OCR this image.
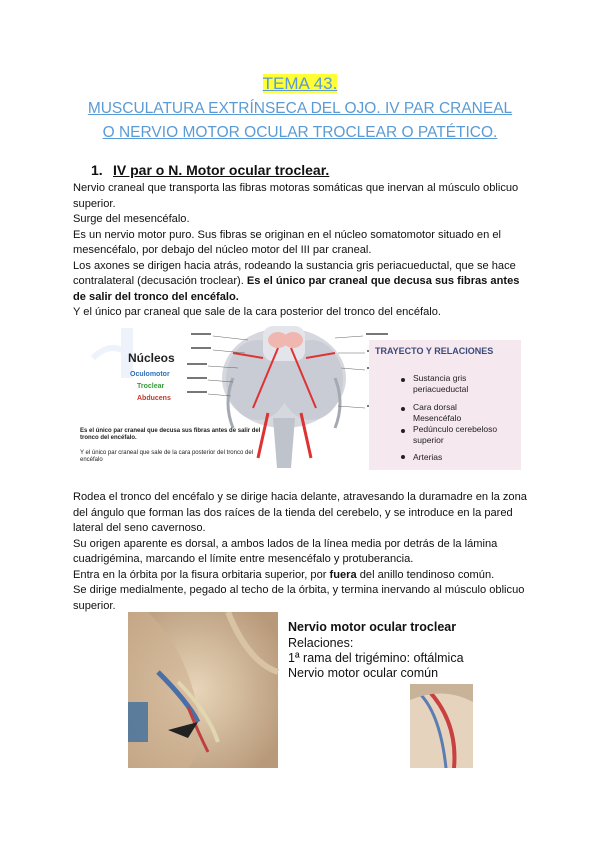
TEMA 43.
MUSCULATURA EXTRÍNSECA DEL OJO. IV PAR CRANEAL
O NERVIO MOTOR OCULAR TROCLEAR O PATÉTICO.
1. IV par o N. Motor ocular troclear.

Nervio craneal que transporta las fibras motoras somáticas que inervan al músculo oblicuo superior.

Surge del mesencéfalo.

Es un nervio motor puro. Sus fibras se originan en el núcleo somatomotor situado en el mesencéfalo, por debajo del núcleo motor del III par craneal.

Los axones se dirigen hacia atrás, rodeando la sustancia gris periacueductal, que se hace contralateral (decusación troclear). Es el único par craneal que decusa sus fibras antes de salir del tronco del encéfalo.

Y el único par craneal que sale de la cara posterior del tronco del encéfalo.

Núcleos
Oculomotor
Troclear
Abducens
Es el único par craneal que decusa sus fibras antes de salir del tronco del encéfalo.
Y el único par craneal que sale de la cara posterior del tronco del encéfalo
TRAYECTO Y RELACIONES
Sustancia gris periacueductal
Cara dorsal Mesencéfalo
Pedúnculo cerebeloso superior
Arterias

Rodea el tronco del encéfalo y se dirige hacia delante, atravesando la duramadre en la zona del ángulo que forman las dos raíces de la tienda del cerebelo, y se introduce en la pared lateral del seno cavernoso.

Su origen aparente es dorsal, a ambos lados de la línea media por detrás de la lámina cuadrigémina, marcando el límite entre mesencéfalo y protuberancia.

Entra en la órbita por la fisura orbitaria superior, por fuera del anillo tendinoso común.

Se dirige medialmente, pegado al techo de la órbita, y termina inervando al músculo oblicuo superior.

Nervio motor ocular troclear
Relaciones:
1ª rama del trigémino: oftálmica
Nervio motor ocular común
